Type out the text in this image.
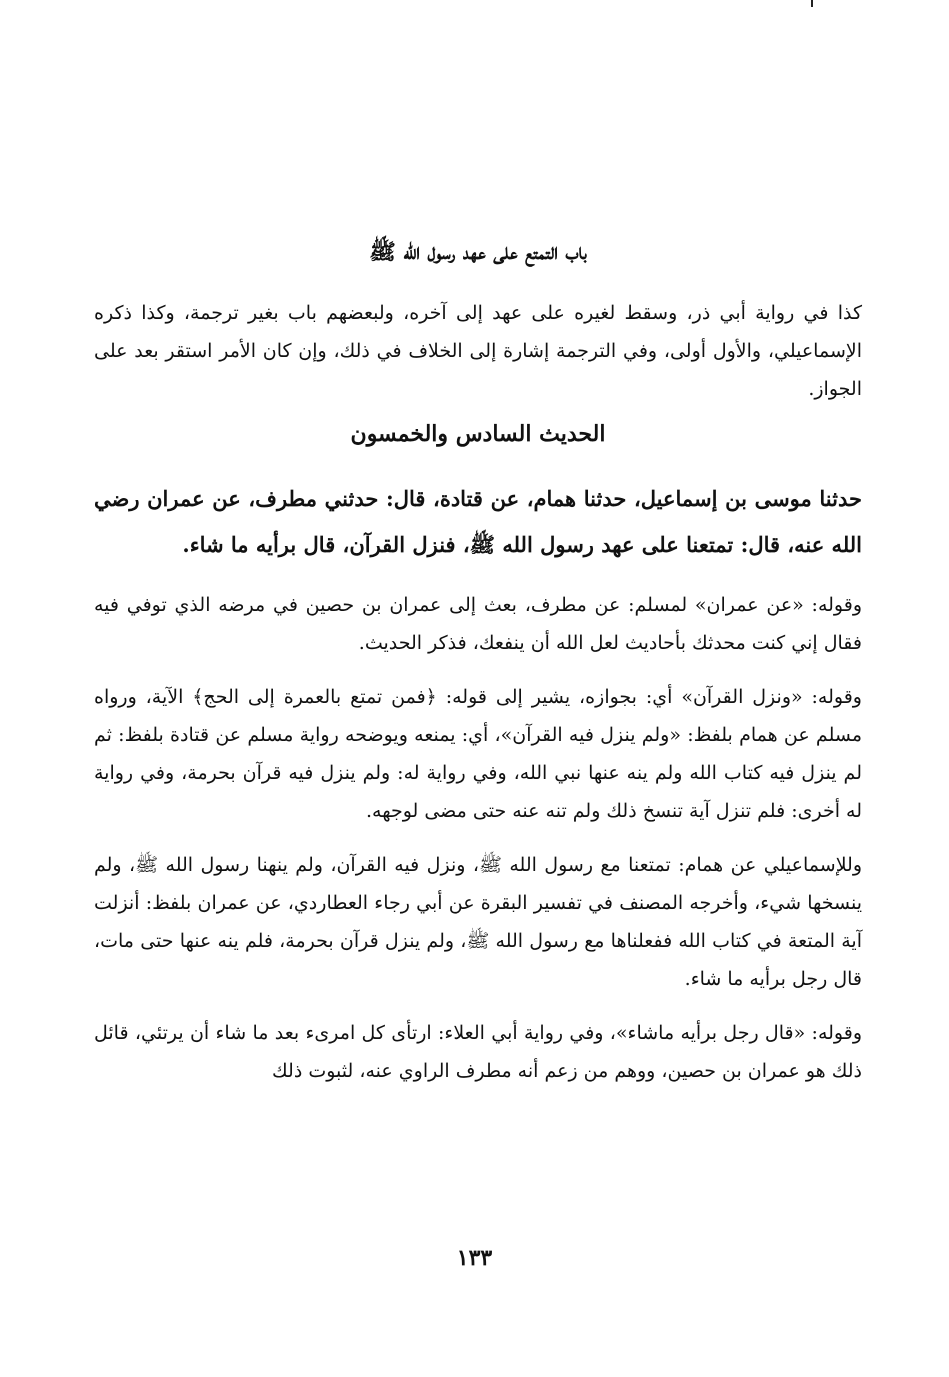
باب التمتع على عهد رسول الله ﷺ

كذا في رواية أبي ذر، وسقط لغيره على عهد إلى آخره، ولبعضهم باب بغير ترجمة، وكذا ذكره الإسماعيلي، والأول أولى، وفي الترجمة إشارة إلى الخلاف في ذلك، وإن كان الأمر استقر بعد على الجواز.

الحديث السادس والخمسون

حدثنا موسى بن إسماعيل، حدثنا همام، عن قتادة، قال: حدثني مطرف، عن عمران رضي الله عنه، قال: تمتعنا على عهد رسول الله ﷺ، فنزل القرآن، قال برأيه ما شاء.

وقوله: «عن عمران» لمسلم: عن مطرف، بعث إلى عمران بن حصين في مرضه الذي توفي فيه فقال إني كنت محدثك بأحاديث لعل الله أن ينفعك، فذكر الحديث.

وقوله: «ونزل القرآن» أي: بجوازه، يشير إلى قوله: ﴿فمن تمتع بالعمرة إلى الحج﴾ الآية، ورواه مسلم عن همام بلفظ: «ولم ينزل فيه القرآن»، أي: يمنعه ويوضحه رواية مسلم عن قتادة بلفظ: ثم لم ينزل فيه كتاب الله ولم ينه عنها نبي الله، وفي رواية له: ولم ينزل فيه قرآن بحرمة، وفي رواية له أخرى: فلم تنزل آية تنسخ ذلك ولم تنه عنه حتى مضى لوجهه.

وللإسماعيلي عن همام: تمتعنا مع رسول الله ﷺ، ونزل فيه القرآن، ولم ينهنا رسول الله ﷺ، ولم ينسخها شيء، وأخرجه المصنف في تفسير البقرة عن أبي رجاء العطاردي، عن عمران بلفظ: أنزلت آية المتعة في كتاب الله ففعلناها مع رسول الله ﷺ، ولم ينزل قرآن بحرمة، فلم ينه عنها حتى مات، قال رجل برأيه ما شاء.

وقوله: «قال رجل برأيه ماشاء»، وفي رواية أبي العلاء: ارتأى كل امرىء بعد ما شاء أن يرتئي، قائل ذلك هو عمران بن حصين، ووهم من زعم أنه مطرف الراوي عنه، لثبوت ذلك

١٣٣
